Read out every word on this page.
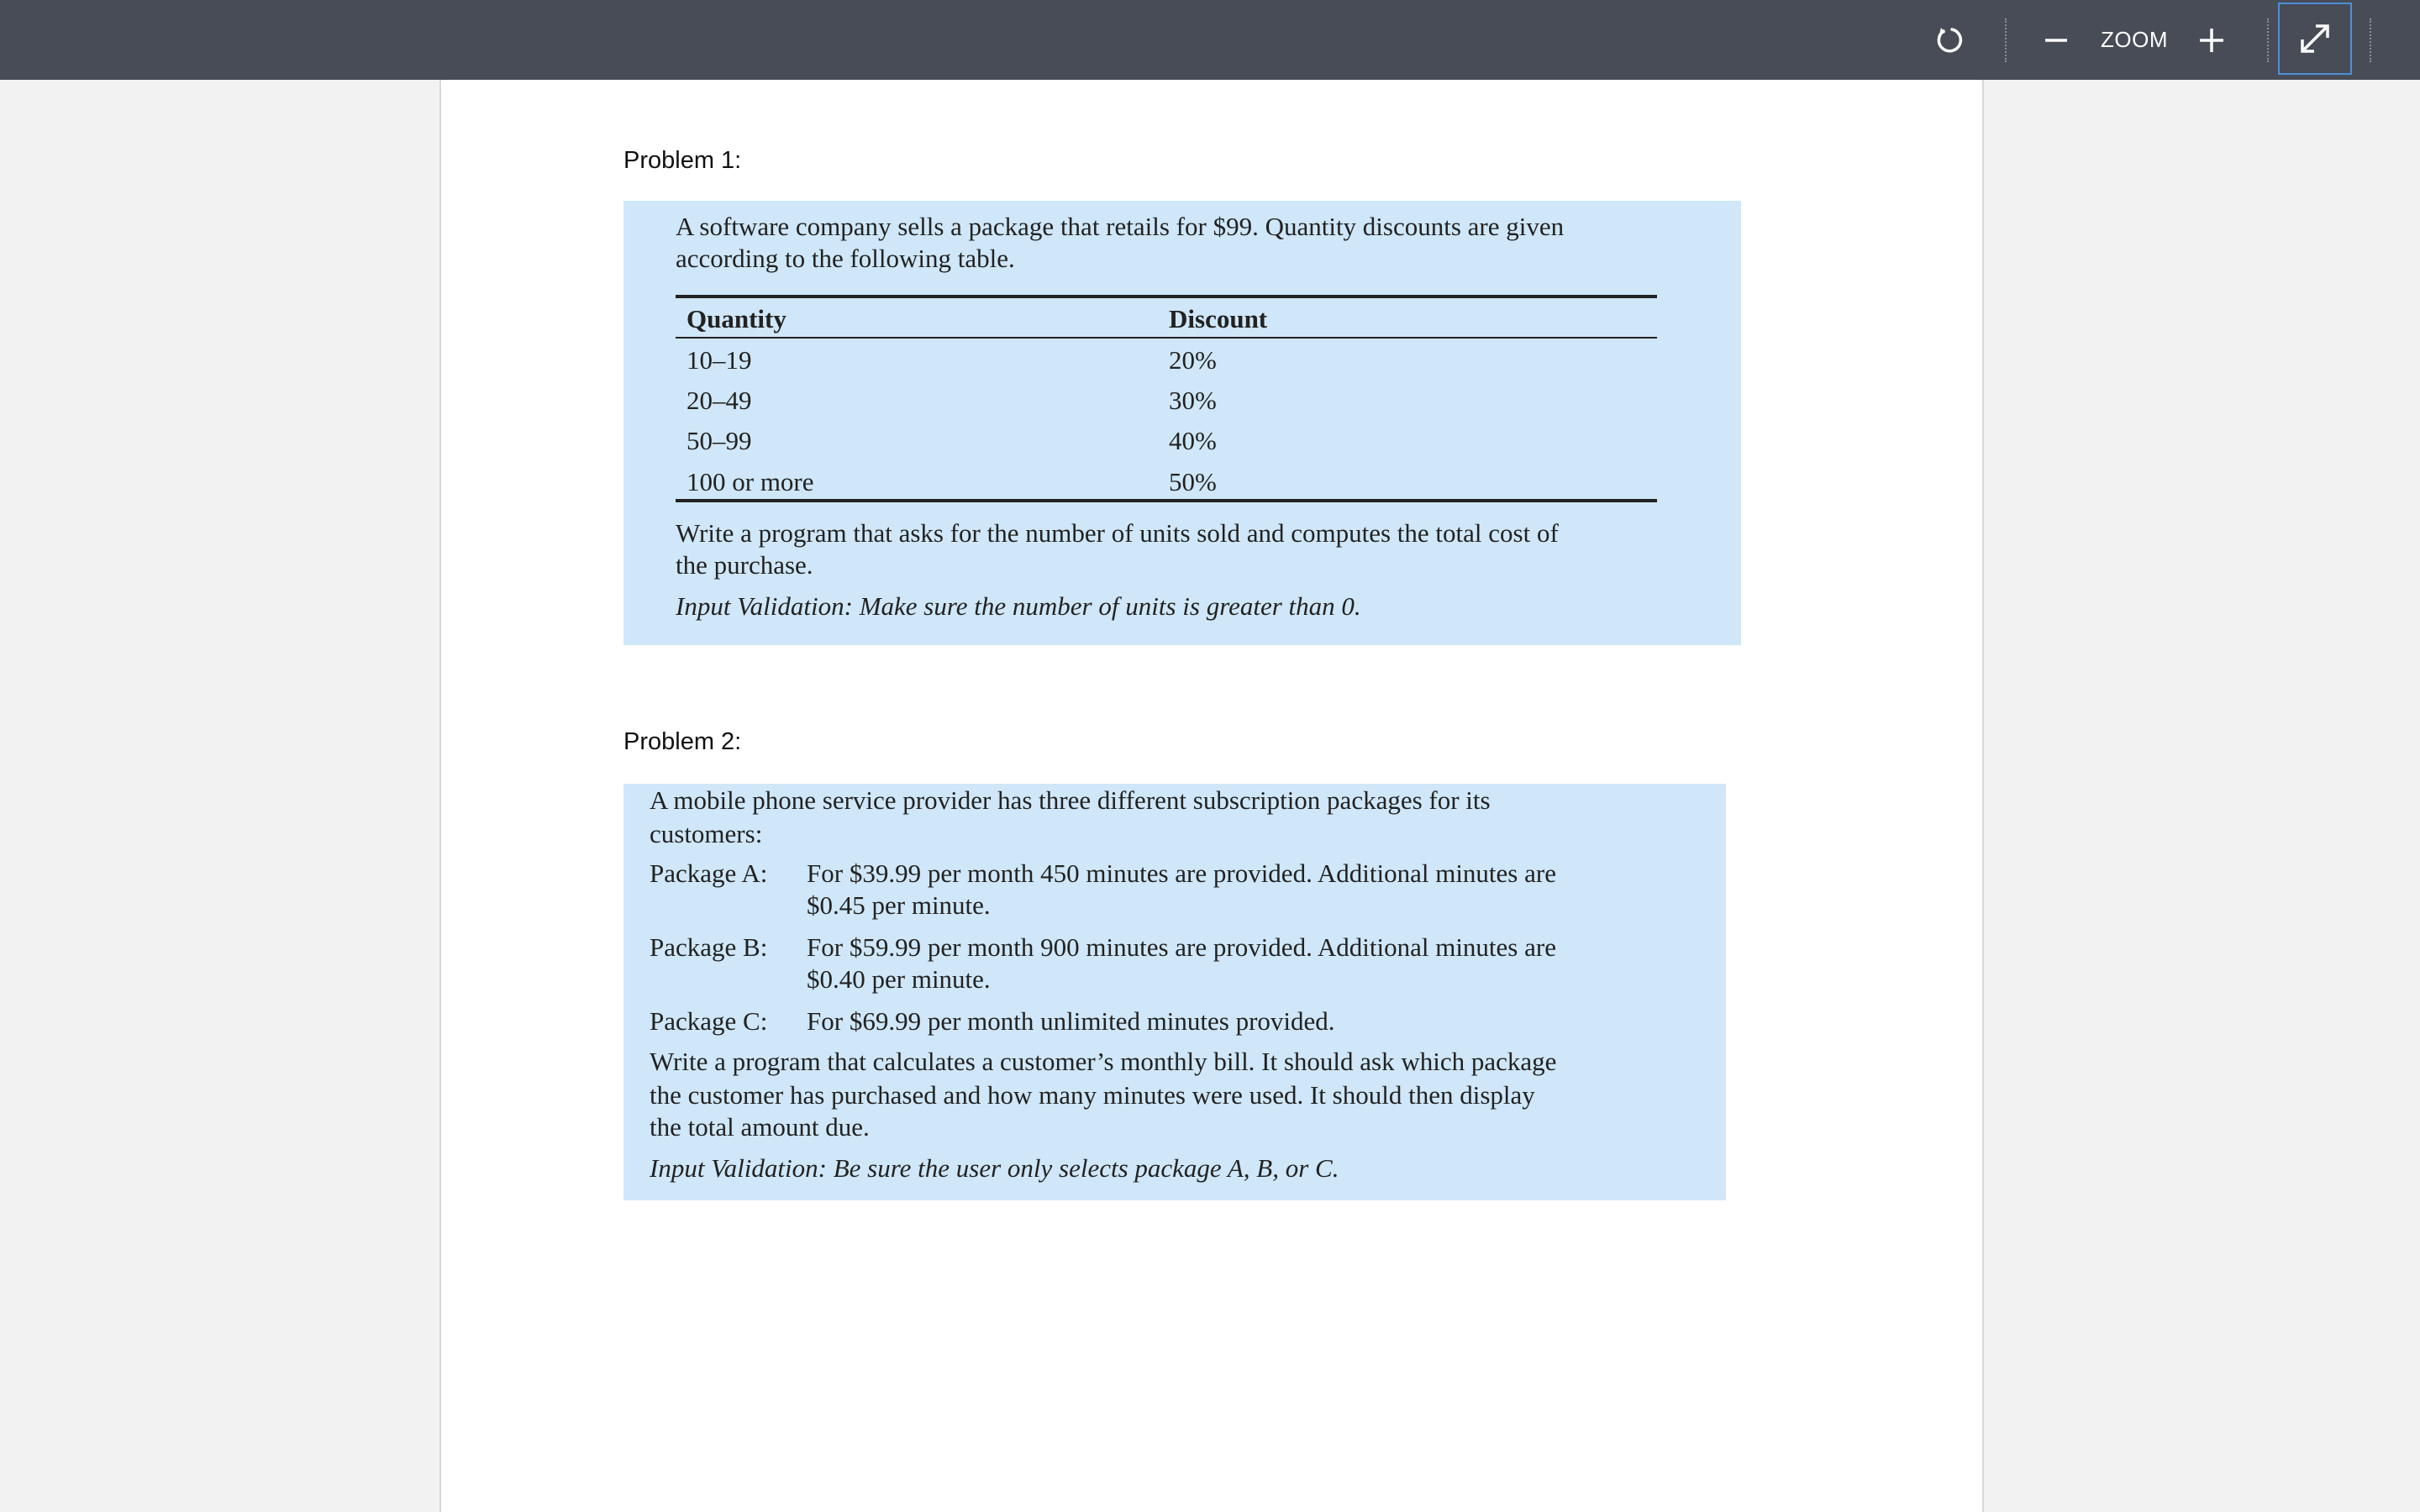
ZOOM
Problem 1:
A software company sells a package that retails for $99. Quantity discounts are given
according to the following table.
Quantity	Discount
10–19	20%
20–49	30%
50–99	40%
100 or more	50%
Write a program that asks for the number of units sold and computes the total cost of
the purchase.
Input Validation: Make sure the number of units is greater than 0.
Problem 2:
A mobile phone service provider has three different subscription packages for its
customers:
Package A: For $39.99 per month 450 minutes are provided. Additional minutes are
$0.45 per minute.
Package B: For $59.99 per month 900 minutes are provided. Additional minutes are
$0.40 per minute.
Package C: For $69.99 per month unlimited minutes provided.
Write a program that calculates a customer’s monthly bill. It should ask which package
the customer has purchased and how many minutes were used. It should then display
the total amount due.
Input Validation: Be sure the user only selects package A, B, or C.
